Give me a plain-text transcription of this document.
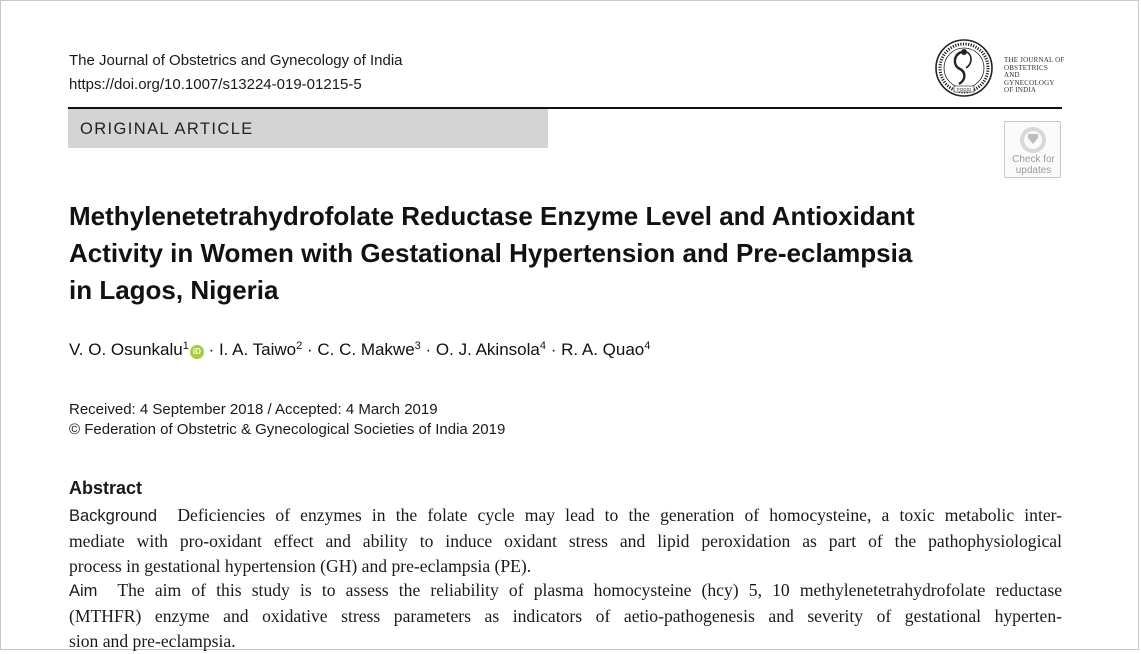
The Journal of Obstetrics and Gynecology of India
https://doi.org/10.1007/s13224-019-01215-5	FOGSI
THE JOURNAL OF
OBSTETRICS
AND
GYNECOLOGY
OF INDIA
ORIGINAL ARTICLE
Check for
updates
Methylenetetrahydrofolate Reductase Enzyme Level and Antioxidant
Activity in Women with Gestational Hypertension and Pre-eclampsia
in Lagos, Nigeria
V. O. Osunkalu$^1$ iD · I. A. Taiwo$^2$ · C. C. Makwe$^3$ · O. J. Akinsola$^4$ · R. A. Quao$^4$
Received: 4 September 2018 / Accepted: 4 March 2019
© Federation of Obstetric & Gynecological Societies of India 2019
Abstract
Background Deficiencies of enzymes in the folate cycle may lead to the generation of homocysteine, a toxic metabolic inter-
mediate with pro-oxidant effect and ability to induce oxidant stress and lipid peroxidation as part of the pathophysiological
process in gestational hypertension (GH) and pre-eclampsia (PE).
Aim The aim of this study is to assess the reliability of plasma homocysteine (hcy) 5, 10 methylenetetrahydrofolate reductase
(MTHFR) enzyme and oxidative stress parameters as indicators of aetio-pathogenesis and severity of gestational hyperten-
sion and pre-eclampsia.
